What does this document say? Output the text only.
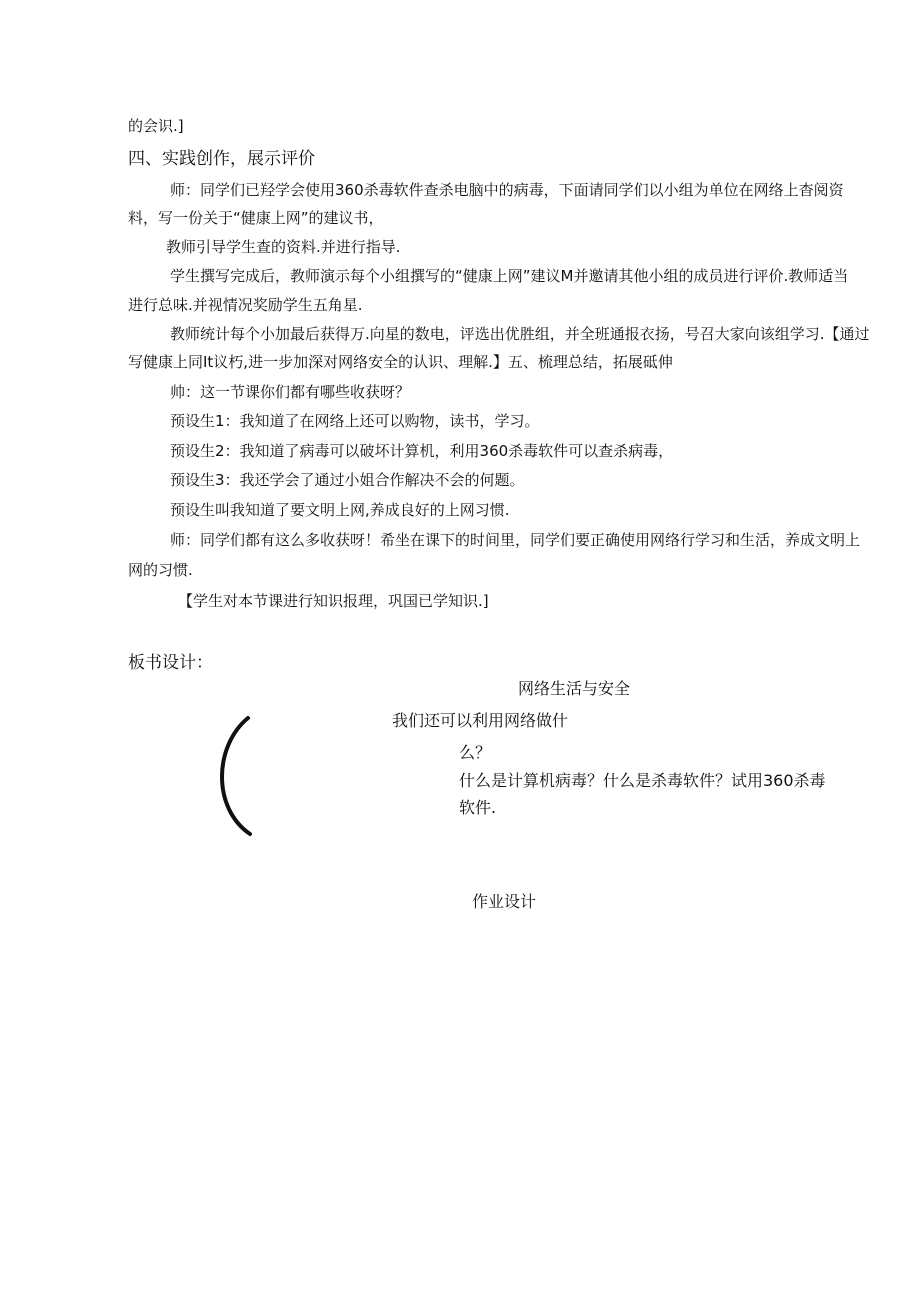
的会识.]
四、实践创作，展示评价
师：同学们已羟学会使用360杀毒软件查杀电脑中的病毒，下面请同学们以小组为单位在网络上杳阅资
料，写一份关于“健康上网”的建议书，
教师引导学生查的资料.并进行指导.
学生撰写完成后，教师演示每个小组撰写的“健康上网”建议M并邀请其他小组的成员进行评价.教师适当
进行总味.并视情况奖励学生五角星.
教师统计每个小加最后获得万.向星的数电，评选出优胜组，并全班通报衣扬，号召大家向该组学习.【通过
写健康上同It议朽,进一步加深对网络安全的认识、理解.】五、梳理总结，拓展砥伸
帅：这一节课你们都有哪些收获呀？
预设生1：我知道了在网络上还可以购物，读书，学习。
预设生2：我知道了病毒可以破坏计算机，利用360杀毒软件可以查杀病毒，
预设生3：我还学会了通过小姐合作解决不会的何题。
预设生叫我知道了要文明上网,养成良好的上网习惯.
师：同学们都有这么多收获呀！希坐在课下的时间里，同学们要正确使用网络行学习和生活，养成文明上
网的习惯.
【学生对本节课进行知识报理，巩国已学知识.]
板书设计：
网络生活与安全
我们还可以利用网络做什
么？
什么是计算机病毒？什么是杀毒软件？试用360杀毒
软件.
作业设计
